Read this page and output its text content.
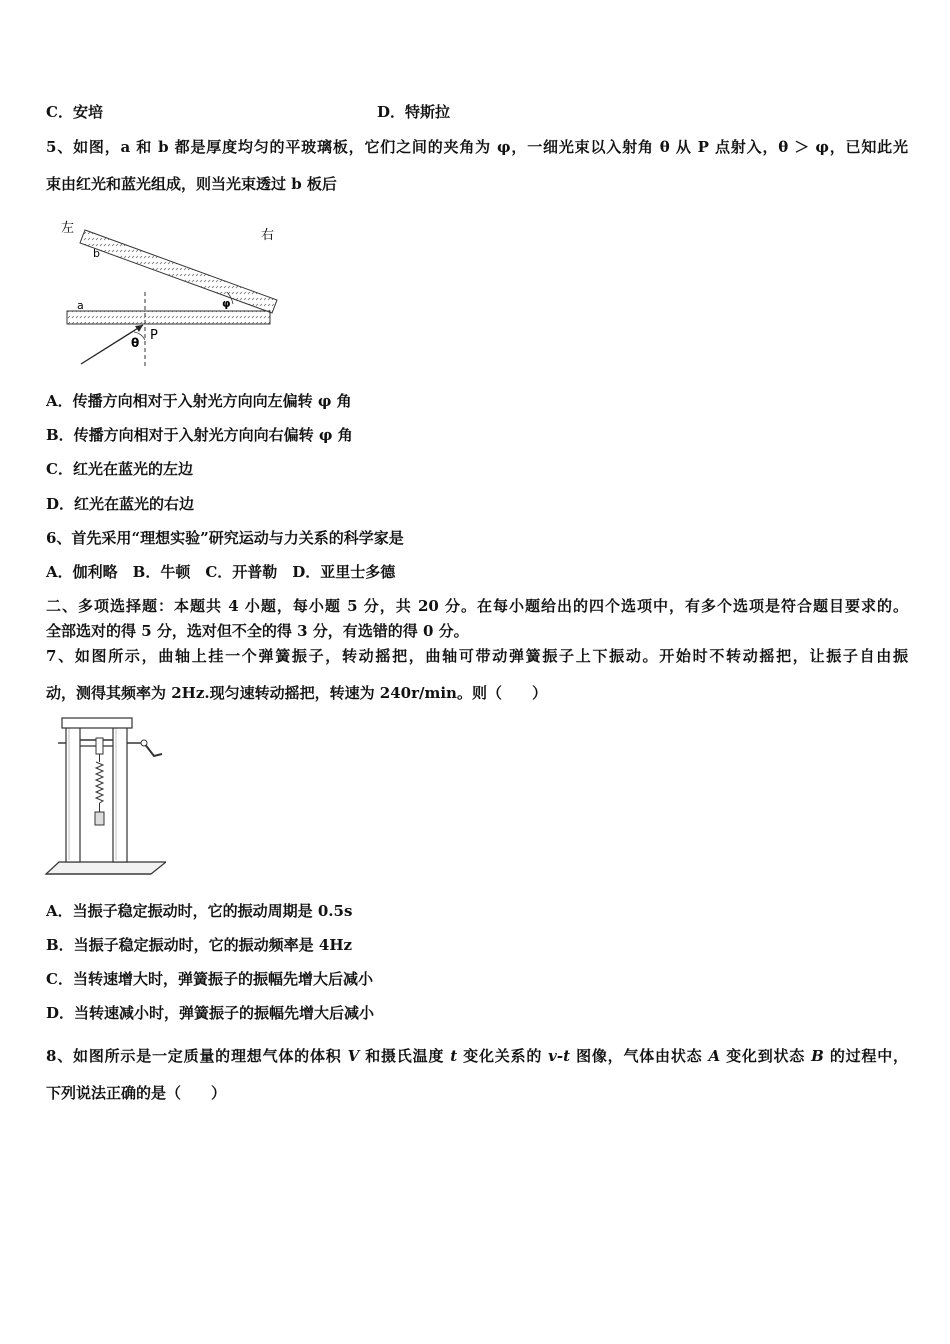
C．安培	D．特斯拉
5、如图，a 和 b 都是厚度均匀的平玻璃板，它们之间的夹角为 φ，一细光束以入射角 θ 从 P 点射入，θ ＞ φ，已知此光
束由红光和蓝光组成，则当光束透过 b 板后
左	右
a
b
P
θ
φ
A．传播方向相对于入射光方向向左偏转 φ 角
B．传播方向相对于入射光方向向右偏转 φ 角
C．红光在蓝光的左边
D．红光在蓝光的右边
6、首先采用“理想实验”研究运动与力关系的科学家是
A．伽利略　B．牛顿　C．开普勒　D．亚里士多德
二、多项选择题：本题共 4 小题，每小题 5 分，共 20 分。在每小题给出的四个选项中，有多个选项是符合题目要求的。
全部选对的得 5 分，选对但不全的得 3 分，有选错的得 0 分。
7、如图所示，曲轴上挂一个弹簧振子，转动摇把，曲轴可带动弹簧振子上下振动。开始时不转动摇把，让振子自由振
动，测得其频率为 2Hz.现匀速转动摇把，转速为 240r/min。则（　　）
A．当振子稳定振动时，它的振动周期是 0.5s
B．当振子稳定振动时，它的振动频率是 4Hz
C．当转速增大时，弹簧振子的振幅先增大后减小
D．当转速减小时，弹簧振子的振幅先增大后减小
8、如图所示是一定质量的理想气体的体积 V 和摄氏温度 t 变化关系的 v-t 图像，气体由状态 A 变化到状态 B 的过程中，
下列说法正确的是（　　）
